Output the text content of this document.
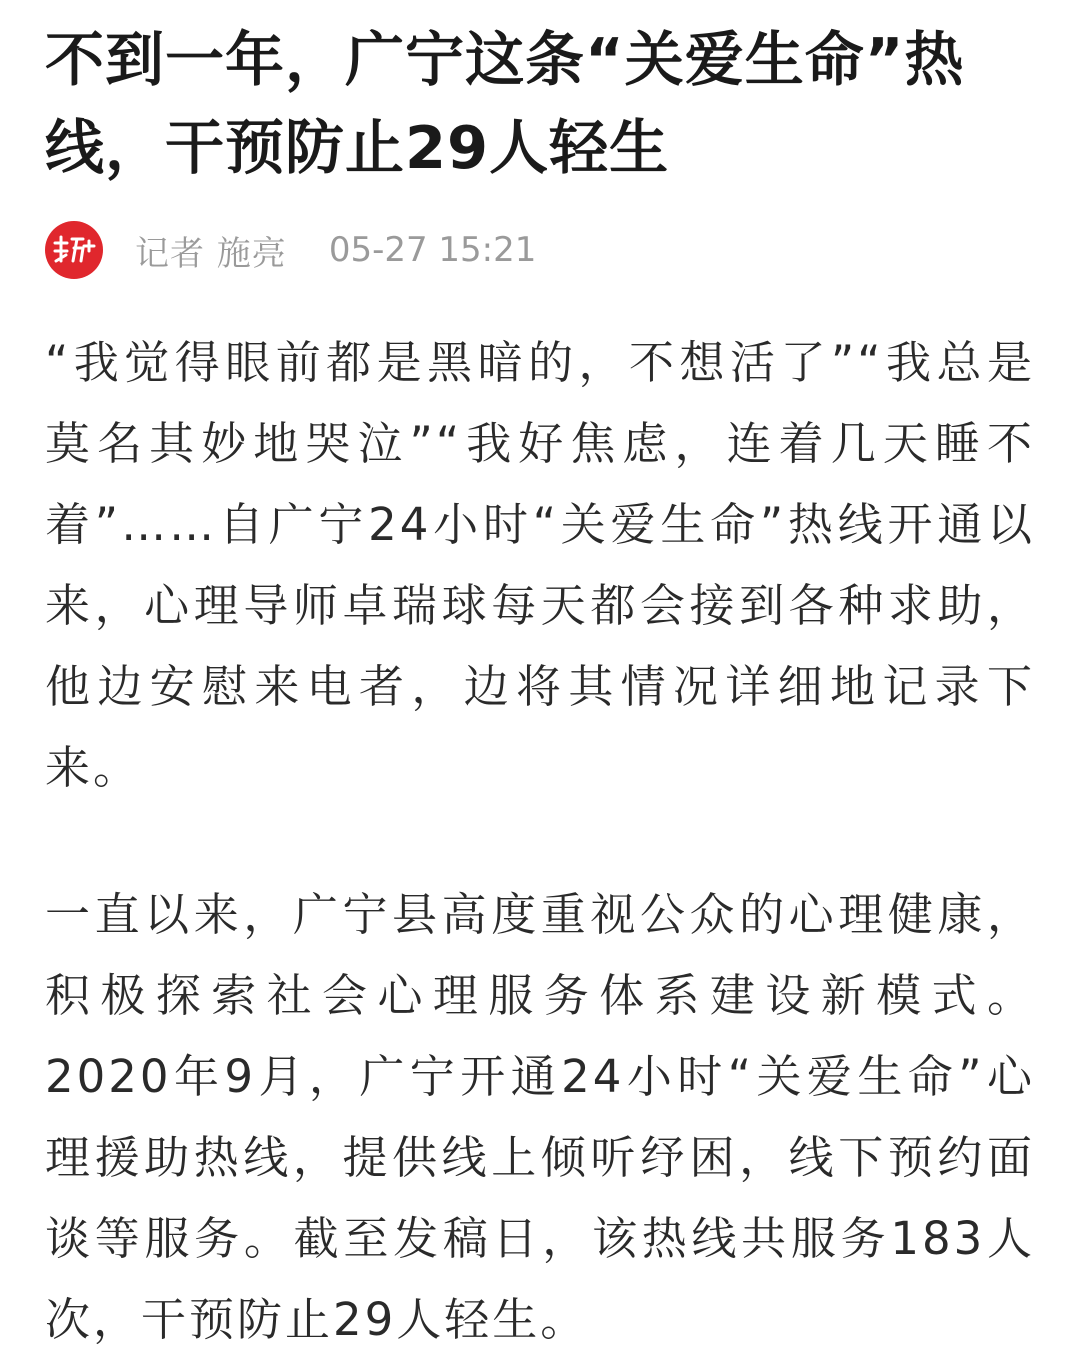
不到一年，广宁这条“关爱生命”热线，干预防止29人轻生
记者 施亮 05-27 15:21

“我觉得眼前都是黑暗的，不想活了”“我总是莫名其妙地哭泣”“我好焦虑，连着几天睡不着”……自广宁24小时“关爱生命”热线开通以来，心理导师卓瑞球每天都会接到各种求助，他边安慰来电者，边将其情况详细地记录下来。

一直以来，广宁县高度重视公众的心理健康，积极探索社会心理服务体系建设新模式。2020年9月，广宁开通24小时“关爱生命”心理援助热线，提供线上倾听纾困，线下预约面谈等服务。截至发稿日，该热线共服务183人次，干预防止29人轻生。
